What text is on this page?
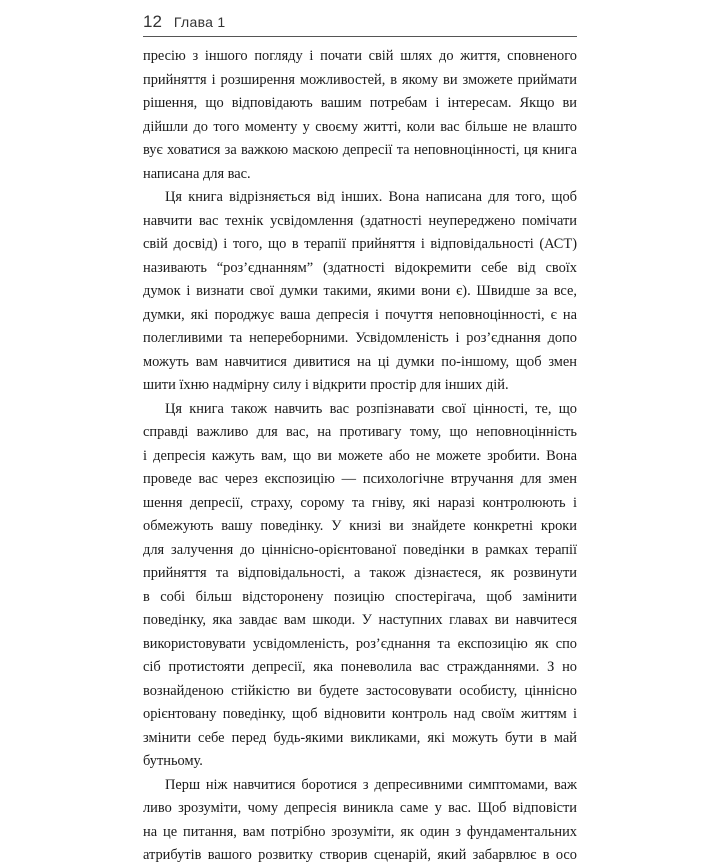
12 Глава 1
пресію з іншого погляду і почати свій шлях до життя, сповненого
прийняття і розширення можливостей, в якому ви зможете приймати
рішення, що відповідають вашим потребам і інтересам. Якщо ви
дійшли до того моменту у своєму житті, коли вас більше не влашто
вує ховатися за важкою маскою депресії та неповноцінності, ця книга
написана для вас.
Ця книга відрізняється від інших. Вона написана для того, щоб
навчити вас технік усвідомлення (здатності неупереджено помічати
свій досвід) і того, що в терапії прийняття і відповідальності (АСТ)
називають “роз’єднанням” (здатності відокремити себе від своїх
думок і визнати свої думки такими, якими вони є). Швидше за все,
думки, які породжує ваша депресія і почуття неповноцінності, є на
полегливими та непереборними. Усвідомленість і роз’єднання допо
можуть вам навчитися дивитися на ці думки по-іншому, щоб змен
шити їхню надмірну силу і відкрити простір для інших дій.
Ця книга також навчить вас розпізнавати свої цінності, те, що
справді важливо для вас, на противагу тому, що неповноцінність
і депресія кажуть вам, що ви можете або не можете зробити. Вона
проведе вас через експозицію — психологічне втручання для змен
шення депресії, страху, сорому та гніву, які наразі контролюють і
обмежують вашу поведінку. У книзі ви знайдете конкретні кроки
для залучення до ціннісно-орієнтованої поведінки в рамках терапії
прийняття та відповідальності, а також дізнаєтеся, як розвинути
в собі більш відсторонену позицію спостерігача, щоб замінити
поведінку, яка завдає вам шкоди. У наступних главах ви навчитеся
використовувати усвідомленість, роз’єднання та експозицію як спо
сіб протистояти депресії, яка поневолила вас стражданнями. З но
вознайденою стійкістю ви будете застосовувати особисту, ціннісно
орієнтовану поведінку, щоб відновити контроль над своїм життям і
змінити себе перед будь-якими викликами, які можуть бути в май
бутньому.
Перш ніж навчитися боротися з депресивними симптомами, важ
ливо зрозуміти, чому депресія виникла саме у вас. Щоб відповісти
на це питання, вам потрібно зрозуміти, як один з фундаментальних
атрибутів вашого розвитку створив сценарій, який забарвлює в осо
